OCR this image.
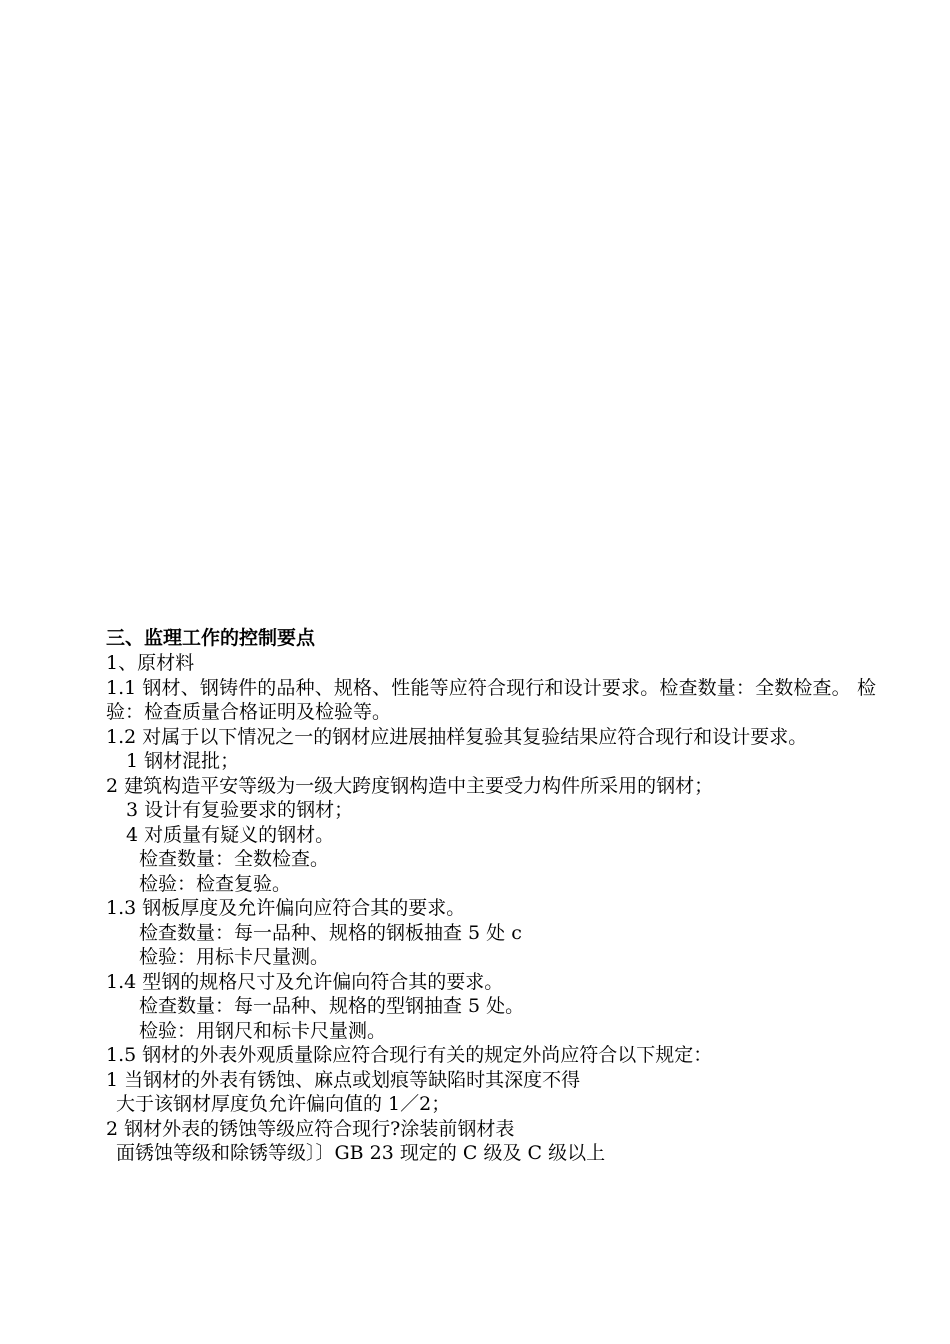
三、监理工作的控制要点
1、原材料
1.1 钢材、钢铸件的品种、规格、性能等应符合现行和设计要求。检查数量：全数检查。 检验：检查质量合格证明及检验等。
1.2 对属于以下情况之一的钢材应进展抽样复验其复验结果应符合现行和设计要求。
1 钢材混批；
2 建筑构造平安等级为一级大跨度钢构造中主要受力构件所采用的钢材；
3 设计有复验要求的钢材；
4 对质量有疑义的钢材。
检查数量：全数检查。
检验：检查复验。
1.3 钢板厚度及允许偏向应符合其的要求。
检查数量：每一品种、规格的钢板抽查 5 处 c
检验：用标卡尺量测。
1.4 型钢的规格尺寸及允许偏向符合其的要求。
检查数量：每一品种、规格的型钢抽查 5 处。
检验：用钢尺和标卡尺量测。
1.5 钢材的外表外观质量除应符合现行有关的规定外尚应符合以下规定：
1 当钢材的外表有锈蚀、麻点或划痕等缺陷时其深度不得
大于该钢材厚度负允许偏向值的 1／2；
2 钢材外表的锈蚀等级应符合现行?涂装前钢材表
面锈蚀等级和除锈等级〕〕GB 23 现定的 C 级及 C 级以上
